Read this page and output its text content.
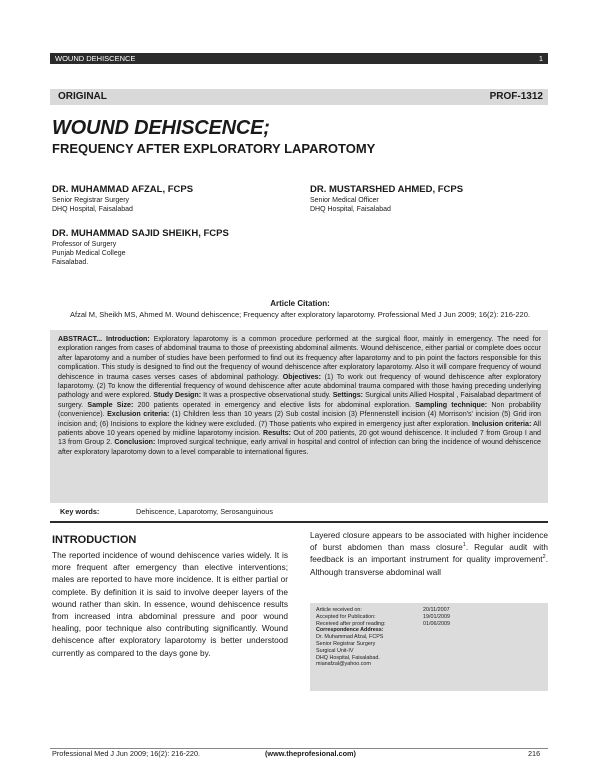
WOUND DEHISCENCE	1
ORIGINAL	PROF-1312
WOUND DEHISCENCE;
FREQUENCY AFTER EXPLORATORY LAPAROTOMY
DR. MUHAMMAD AFZAL, FCPS
Senior Registrar Surgery
DHQ Hospital, Faisalabad
DR. MUSTARSHED AHMED, FCPS
Senior Medical Officer
DHQ Hospital, Faisalabad
DR. MUHAMMAD SAJID SHEIKH, FCPS
Professor of Surgery
Punjab Medical College
Faisalabad.
Article Citation:
Afzal M, Sheikh MS, Ahmed M. Wound dehiscence; Frequency after exploratory laparotomy. Professional Med J Jun 2009; 16(2): 216-220.

ABSTRACT... Introduction: Exploratory laparotomy is a common procedure performed at the surgical floor, mainly in emergency. The need for exploration ranges from cases of abdominal trauma to those of preexisting abdominal ailments. Wound dehiscence, either partial or complete does occur after laparotomy and a number of studies have been performed to find out its frequency after laparotomy and to pin point the factors responsible for this complication. This study is designed to find out the frequency of wound dehiscence after exploratory laparotomy. Also it will compare frequency of wound dehiscence in trauma cases verses cases of abdominal pathology. Objectives: (1) To work out frequency of wound dehiscence after exploratory laparotomy. (2) To know the differential frequency of wound dehiscence after acute abdominal trauma compared with those having preceding underlying pathology and were explored. Study Design: It was a prospective observational study. Settings: Surgical units Allied Hospital , Faisalabad department of surgery. Sample Size: 200 patients operated in emergency and elective lists for abdominal exploration. Sampling technique: Non probability (convenience). Exclusion criteria: (1) Children less than 10 years (2) Sub costal incision (3) Pfennenstell incision (4) Morrison's' incision (5) Grid iron incision and; (6) Incisions to explore the kidney were excluded. (7) Those patients who expired in emergency just after exploration. Inclusion criteria: All patients above 10 years opened by midline laparotomy incision. Results: Out of 200 patients, 20 got wound dehiscence. It included 7 from Group I and 13 from Group 2. Conclusion: Improved surgical technique, early arrival in hospital and control of infection can bring the incidence of wound dehiscence after exploratory laparotomy down to a level comparable to international figures.

Key words:	Dehiscence, Laparotomy, Serosanguinous
INTRODUCTION

The reported incidence of wound dehiscence varies widely. It is more frequent after emergency than elective interventions; males are reported to have more incidence. It is either partial or complete. By definition it is said to involve deeper layers of the wound rather than skin. In essence, wound dehiscence results from increased intra abdominal pressure and poor wound healing, poor technique also contributing significantly. Wound dehiscence after exploratory laparotomy is better understood currently as compared to the days gone by.

Layered closure appears to be associated with higher incidence of burst abdomen than mass closure$^1$. Regular audit with feedback is an important instrument for quality improvement$^2$. Although transverse abdominal wall

Article received on:	20/11/2007
Accepted for Publication:	19/01/2009
Received after proof reading:	01/06/2009
Correspondence Address:
Dr. Muhammad Afzal, FCPS
Senior Registrar Surgery
Surgical Unit-IV
DHQ Hospital, Faisalabad.
mianafzal@yahoo.com
Professional Med J Jun 2009; 16(2): 216-220.	(www.theprofesional.com)	216
